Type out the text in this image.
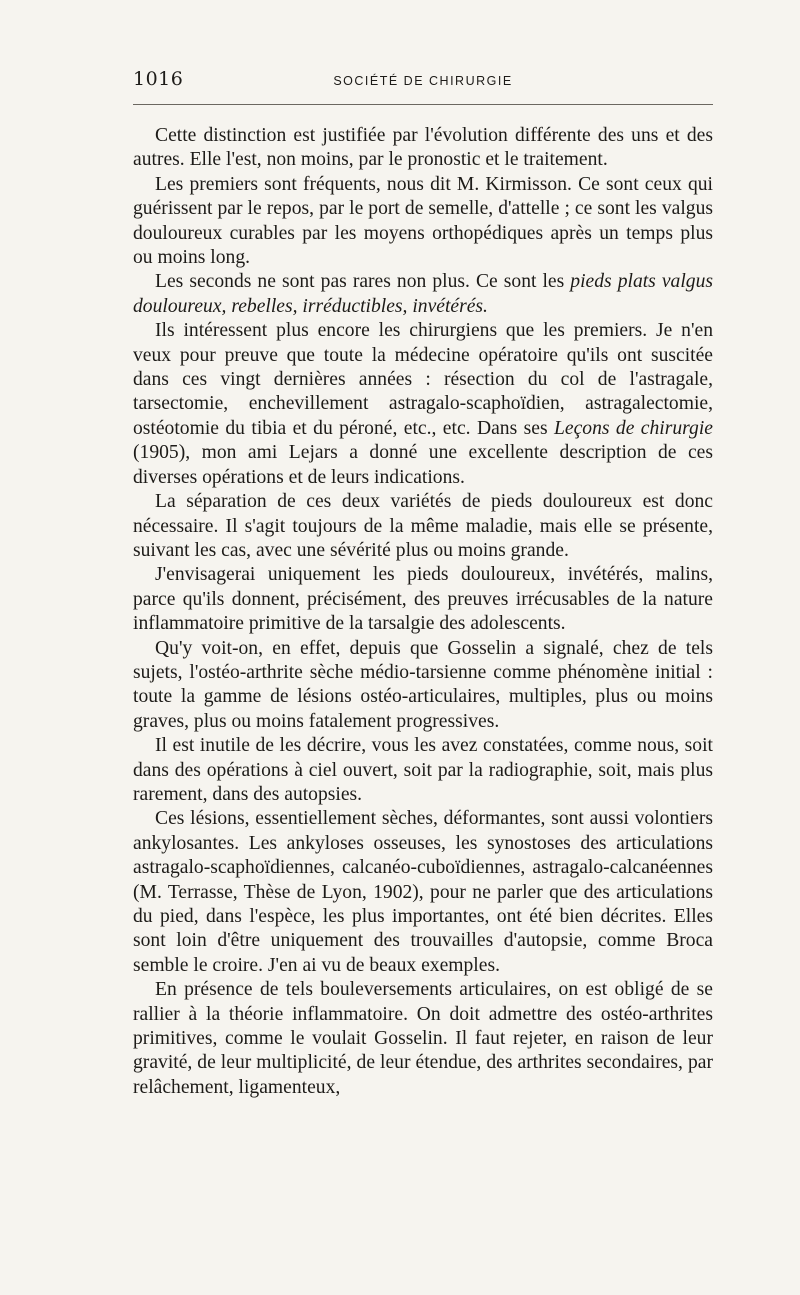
1016	SOCIÉTÉ DE CHIRURGIE

Cette distinction est justifiée par l'évolution différente des uns et des autres. Elle l'est, non moins, par le pronostic et le traitement.

Les premiers sont fréquents, nous dit M. Kirmisson. Ce sont ceux qui guérissent par le repos, par le port de semelle, d'attelle ; ce sont les valgus douloureux curables par les moyens orthopédiques après un temps plus ou moins long.

Les seconds ne sont pas rares non plus. Ce sont les pieds plats valgus douloureux, rebelles, irréductibles, invétérés.

Ils intéressent plus encore les chirurgiens que les premiers. Je n'en veux pour preuve que toute la médecine opératoire qu'ils ont suscitée dans ces vingt dernières années : résection du col de l'astragale, tarsectomie, enchevillement astragalo-scaphoïdien, astragalectomie, ostéotomie du tibia et du péroné, etc., etc. Dans ses Leçons de chirurgie (1905), mon ami Lejars a donné une excellente description de ces diverses opérations et de leurs indications.

La séparation de ces deux variétés de pieds douloureux est donc nécessaire. Il s'agit toujours de la même maladie, mais elle se présente, suivant les cas, avec une sévérité plus ou moins grande.

J'envisagerai uniquement les pieds douloureux, invétérés, malins, parce qu'ils donnent, précisément, des preuves irrécusables de la nature inflammatoire primitive de la tarsalgie des adolescents.

Qu'y voit-on, en effet, depuis que Gosselin a signalé, chez de tels sujets, l'ostéo-arthrite sèche médio-tarsienne comme phénomène initial : toute la gamme de lésions ostéo-articulaires, multiples, plus ou moins graves, plus ou moins fatalement progressives.

Il est inutile de les décrire, vous les avez constatées, comme nous, soit dans des opérations à ciel ouvert, soit par la radiographie, soit, mais plus rarement, dans des autopsies.

Ces lésions, essentiellement sèches, déformantes, sont aussi volontiers ankylosantes. Les ankyloses osseuses, les synostoses des articulations astragalo-scaphoïdiennes, calcanéo-cuboïdiennes, astragalo-calcanéennes (M. Terrasse, Thèse de Lyon, 1902), pour ne parler que des articulations du pied, dans l'espèce, les plus importantes, ont été bien décrites. Elles sont loin d'être uniquement des trouvailles d'autopsie, comme Broca semble le croire. J'en ai vu de beaux exemples.

En présence de tels bouleversements articulaires, on est obligé de se rallier à la théorie inflammatoire. On doit admettre des ostéo-arthrites primitives, comme le voulait Gosselin. Il faut rejeter, en raison de leur gravité, de leur multiplicité, de leur étendue, des arthrites secondaires, par relâchement, ligamenteux,
